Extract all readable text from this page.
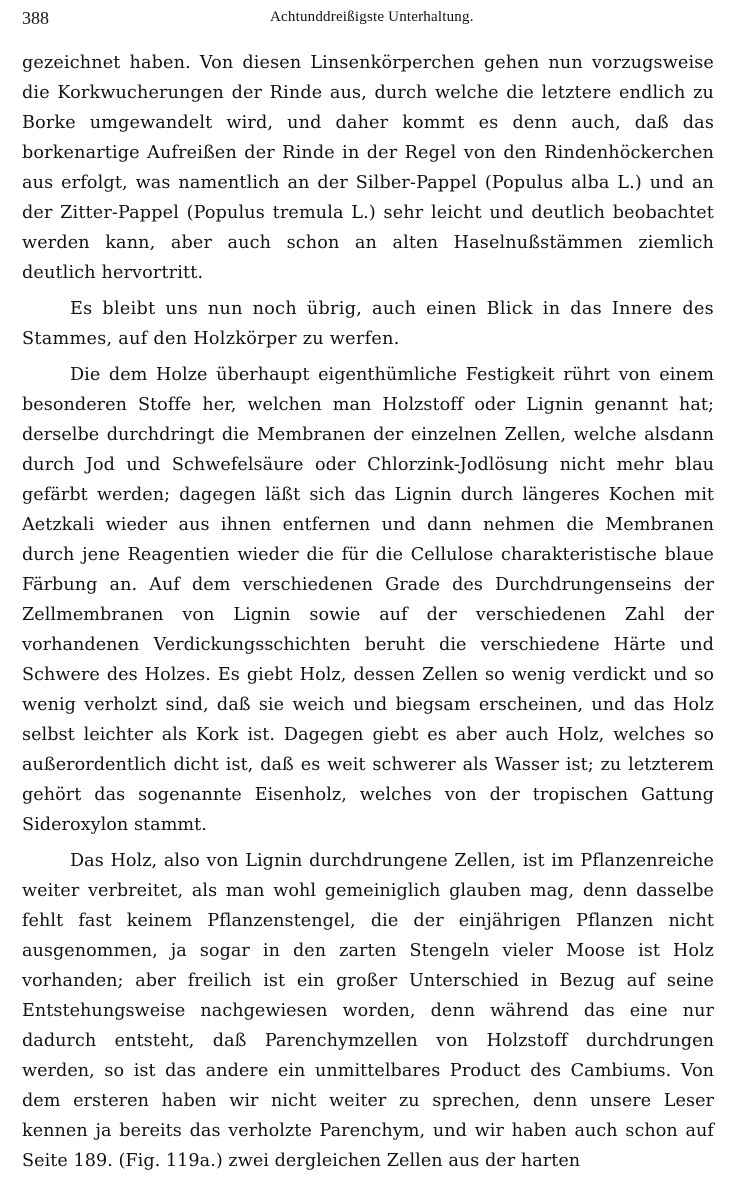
388	Achtunddreißigste Unterhaltung.

gezeichnet haben. Von diesen Linsenkörperchen gehen nun vorzugsweise die Korkwucherungen der Rinde aus, durch welche die letztere endlich zu Borke umgewandelt wird, und daher kommt es denn auch, daß das borkenartige Aufreißen der Rinde in der Regel von den Rindenhöckerchen aus erfolgt, was namentlich an der Silber-Pappel (Populus alba L.) und an der Zitter-Pappel (Populus tremula L.) sehr leicht und deutlich beobachtet werden kann, aber auch schon an alten Haselnußstämmen ziemlich deutlich hervortritt.

Es bleibt uns nun noch übrig, auch einen Blick in das Innere des Stammes, auf den Holzkörper zu werfen.

Die dem Holze überhaupt eigenthümliche Festigkeit rührt von einem besonderen Stoffe her, welchen man Holzstoff oder Lignin genannt hat; derselbe durchdringt die Membranen der einzelnen Zellen, welche alsdann durch Jod und Schwefelsäure oder Chlorzink-Jodlösung nicht mehr blau gefärbt werden; dagegen läßt sich das Lignin durch längeres Kochen mit Aetzkali wieder aus ihnen entfernen und dann nehmen die Membranen durch jene Reagentien wieder die für die Cellulose charakteristische blaue Färbung an. Auf dem verschiedenen Grade des Durchdrungenseins der Zellmembranen von Lignin sowie auf der verschiedenen Zahl der vorhandenen Verdickungsschichten beruht die verschiedene Härte und Schwere des Holzes. Es giebt Holz, dessen Zellen so wenig verdickt und so wenig verholzt sind, daß sie weich und biegsam erscheinen, und das Holz selbst leichter als Kork ist. Dagegen giebt es aber auch Holz, welches so außerordentlich dicht ist, daß es weit schwerer als Wasser ist; zu letzterem gehört das sogenannte Eisenholz, welches von der tropischen Gattung Sideroxylon stammt.

Das Holz, also von Lignin durchdrungene Zellen, ist im Pflanzenreiche weiter verbreitet, als man wohl gemeiniglich glauben mag, denn dasselbe fehlt fast keinem Pflanzenstengel, die der einjährigen Pflanzen nicht ausgenommen, ja sogar in den zarten Stengeln vieler Moose ist Holz vorhanden; aber freilich ist ein großer Unterschied in Bezug auf seine Entstehungsweise nachgewiesen worden, denn während das eine nur dadurch entsteht, daß Parenchymzellen von Holzstoff durchdrungen werden, so ist das andere ein unmittelbares Product des Cambiums. Von dem ersteren haben wir nicht weiter zu sprechen, denn unsere Leser kennen ja bereits das verholzte Parenchym, und wir haben auch schon auf Seite 189. (Fig. 119a.) zwei dergleichen Zellen aus der harten
